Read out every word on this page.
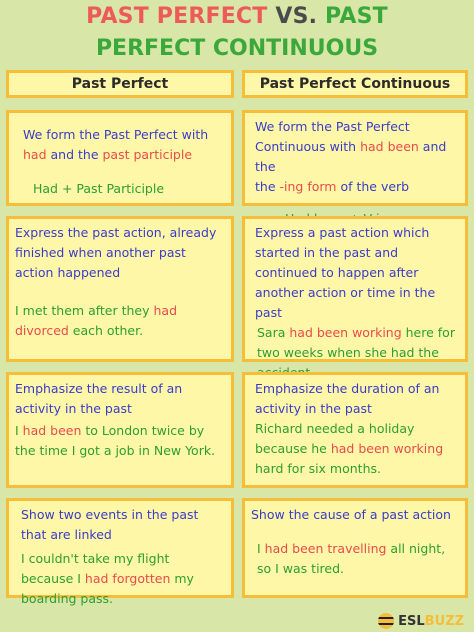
PAST PERFECT VS. PAST
PERFECT CONTINUOUS
Past Perfect	Past Perfect Continuous
We form the Past Perfect with
had and the past participle
Had + Past Participle
We form the Past Perfect Continuous with had been and the
the -ing form of the verb
Express the past action, already finished when another past action happened
I met them after they had divorced each other.
Express a past action which started in the past and continued to happen after another action or time in the past
Sara had been working here for two weeks when she had the
Emphasize the result of an activity in the past
I had been to London twice by the time I got a job in New York.
Emphasize the duration of an activity in the past
Richard needed a holiday because he had been working hard for six months.
Show two events in the past that are linked
I couldn't take my flight because I had forgotten my boarding pass.
Show the cause of a past action
I had been travelling all night, so I was tired.
ESL BUZZ
